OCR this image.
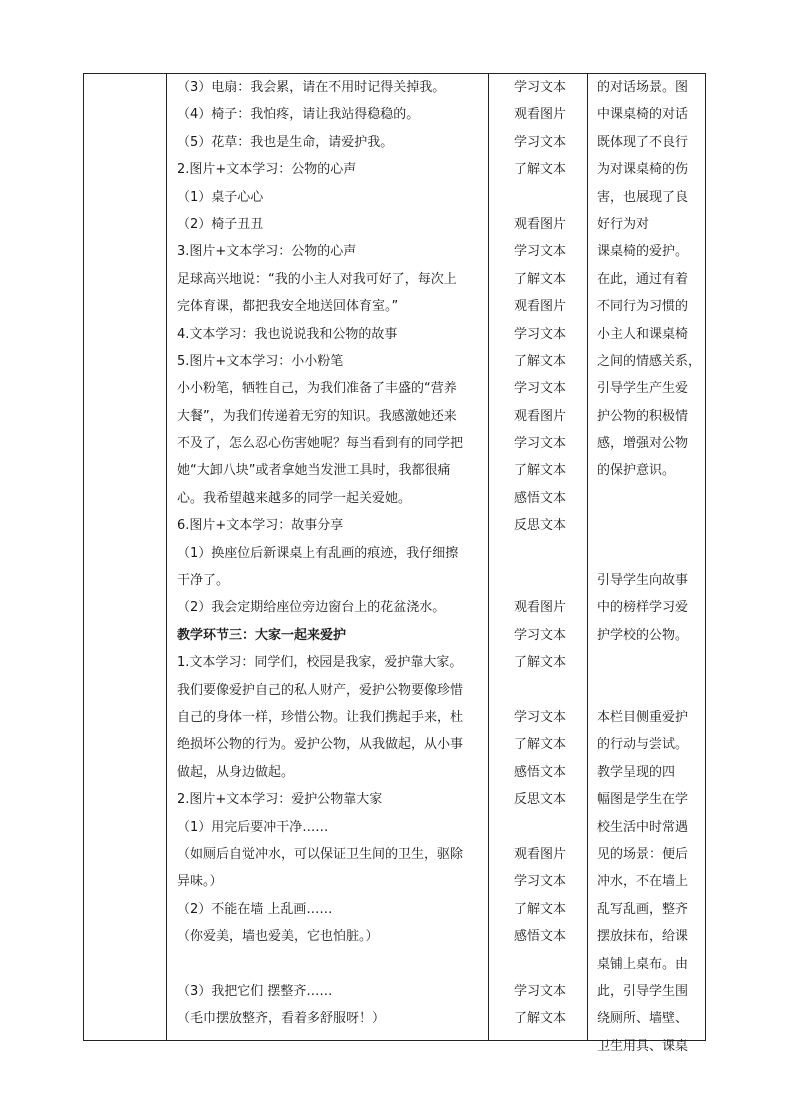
（3）电扇：我会累，请在不用时记得关掉我。
（4）椅子：我怕疼，请让我站得稳稳的。
（5）花草：我也是生命，请爱护我。
2.图片+文本学习：公物的心声
（1）桌子心心
（2）椅子丑丑
3.图片+文本学习：公物的心声
足球高兴地说：“我的小主人对我可好了，每次上
完体育课，都把我安全地送回体育室。”
4.文本学习：我也说说我和公物的故事
5.图片+文本学习：小小粉笔
小小粉笔，牺牲自己，为我们准备了丰盛的“营养
大餐”，为我们传递着无穷的知识。我感激她还来
不及了，怎么忍心伤害她呢？每当看到有的同学把
她“大卸八块”或者拿她当发泄工具时，我都很痛
心。我希望越来越多的同学一起关爱她。
6.图片+文本学习：故事分享
（1）换座位后新课桌上有乱画的痕迹，我仔细擦
干净了。
（2）我会定期给座位旁边窗台上的花盆浇水。
教学环节三：大家一起来爱护
1.文本学习：同学们，校园是我家，爱护靠大家。
我们要像爱护自己的私人财产，爱护公物要像珍惜
自己的身体一样，珍惜公物。让我们携起手来，杜
绝损坏公物的行为。爱护公物，从我做起，从小事
做起，从身边做起。
2.图片+文本学习：爱护公物靠大家
（1）用完后要冲干净……
（如厕后自觉冲水，可以保证卫生间的卫生，驱除
异味。）
（2）不能在墙 上乱画……
（你爱美，墙也爱美，它也怕脏。）
（3）我把它们 摆整齐……
（毛巾摆放整齐，看着多舒服呀！）
学习文本
观看图片
学习文本
了解文本
观看图片
学习文本
了解文本
观看图片
学习文本
了解文本
学习文本
观看图片
学习文本
了解文本
感悟文本
反思文本
观看图片
学习文本
了解文本
学习文本
了解文本
感悟文本
反思文本
观看图片
学习文本
了解文本
感悟文本
学习文本
了解文本
的对话场景。图
中课桌椅的对话
既体现了不良行
为对课桌椅的伤
害，也展现了良
好行为对
课桌椅的爱护。
在此，通过有着
不同行为习惯的
小主人和课桌椅
之间的情感关系，
引导学生产生爱
护公物的积极情
感，增强对公物
的保护意识。
引导学生向故事
中的榜样学习爱
护学校的公物。
本栏目侧重爱护
的行动与尝试。
教学呈现的四
幅图是学生在学
校生活中时常遇
见的场景：便后
冲水，不在墙上
乱写乱画，整齐
摆放抹布，给课
桌铺上桌布。由
此，引导学生围
绕厕所、墙壁、
卫生用具、课桌
